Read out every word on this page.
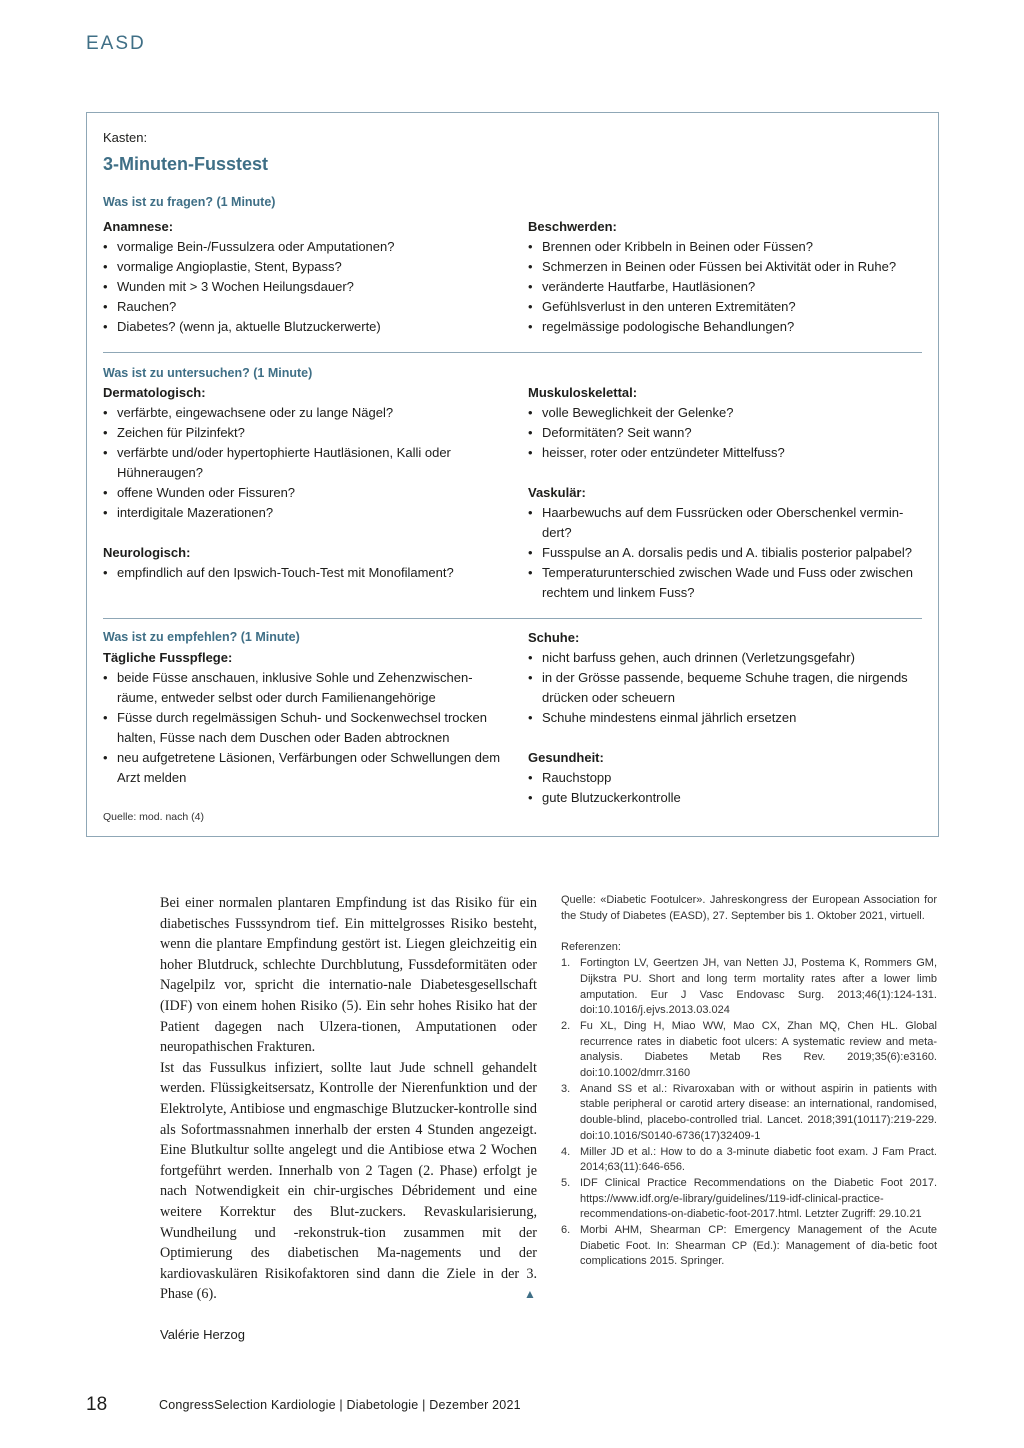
EASD
Kasten:
3-Minuten-Fusstest
Was ist zu fragen? (1 Minute)
Anamnese:
• vormalige Bein-/Fussulzera oder Amputationen?
• vormalige Angioplastie, Stent, Bypass?
• Wunden mit > 3 Wochen Heilungsdauer?
• Rauchen?
• Diabetes? (wenn ja, aktuelle Blutzuckerwerte)
Beschwerden:
• Brennen oder Kribbeln in Beinen oder Füssen?
• Schmerzen in Beinen oder Füssen bei Aktivität oder in Ruhe?
• veränderte Hautfarbe, Hautläsionen?
• Gefühlsverlust in den unteren Extremitäten?
• regelmässige podologische Behandlungen?
Was ist zu untersuchen? (1 Minute)
Dermatologisch:
• verfärbte, eingewachsene oder zu lange Nägel?
• Zeichen für Pilzinfekt?
• verfärbte und/oder hypertophierte Hautläsionen, Kalli oder Hühneraugen?
• offene Wunden oder Fissuren?
• interdigitale Mazerationen?
Neurologisch:
• empfindlich auf den Ipswich-Touch-Test mit Monofilament?
Muskuloskelettal:
• volle Beweglichkeit der Gelenke?
• Deformitäten? Seit wann?
• heisser, roter oder entzündeter Mittelfuss?
Vaskulär:
• Haarbewuchs auf dem Fussrücken oder Oberschenkel vermin-dert?
• Fusspulse an A. dorsalis pedis und A. tibialis posterior palpabel?
• Temperaturunterschied zwischen Wade und Fuss oder zwischen rechtem und linkem Fuss?
Was ist zu empfehlen? (1 Minute)
Tägliche Fusspflege:
• beide Füsse anschauen, inklusive Sohle und Zehenzwischen-räume, entweder selbst oder durch Familienangehörige
• Füsse durch regelmässigen Schuh- und Sockenwechsel trocken halten, Füsse nach dem Duschen oder Baden abtrocknen
• neu aufgetretene Läsionen, Verfärbungen oder Schwellungen dem Arzt melden
Schuhe:
• nicht barfuss gehen, auch drinnen (Verletzungsgefahr)
• in der Grösse passende, bequeme Schuhe tragen, die nirgends drücken oder scheuern
• Schuhe mindestens einmal jährlich ersetzen
Gesundheit:
• Rauchstopp
• gute Blutzuckerkontrolle
Quelle: mod. nach (4)

Bei einer normalen plantaren Empfindung ist das Risiko für ein diabetisches Fusssyndrom tief. Ein mittelgrosses Risiko besteht, wenn die plantare Empfindung gestört ist. Liegen gleichzeitig ein hoher Blutdruck, schlechte Durchblutung, Fussdeformitäten oder Nagelpilz vor, spricht die internatio-nale Diabetesgesellschaft (IDF) von einem hohen Risiko (5). Ein sehr hohes Risiko hat der Patient dagegen nach Ulzera-tionen, Amputationen oder neuropathischen Frakturen.

Ist das Fussulkus infiziert, sollte laut Jude schnell gehandelt werden. Flüssigkeitsersatz, Kontrolle der Nierenfunktion und der Elektrolyte, Antibiose und engmaschige Blutzucker-kontrolle sind als Sofortmassnahmen innerhalb der ersten 4 Stunden angezeigt. Eine Blutkultur sollte angelegt und die Antibiose etwa 2 Wochen fortgeführt werden. Innerhalb von 2 Tagen (2. Phase) erfolgt je nach Notwendigkeit ein chir-urgisches Débridement und eine weitere Korrektur des Blut-zuckers. Revaskularisierung, Wundheilung und -rekonstruk-tion zusammen mit der Optimierung des diabetischen Ma-nagements und der kardiovaskulären Risikofaktoren sind dann die Ziele in der 3. Phase (6).	▲
Valérie Herzog
Quelle: «Diabetic Footulcer». Jahreskongress der European Association for the Study of Diabetes (EASD), 27. September bis 1. Oktober 2021, virtuell.
Referenzen:
1. Fortington LV, Geertzen JH, van Netten JJ, Postema K, Rommers GM, Dijkstra PU. Short and long term mortality rates after a lower limb amputation. Eur J Vasc Endovasc Surg. 2013;46(1):124-131. doi:10.1016/j.ejvs.2013.03.024
2. Fu XL, Ding H, Miao WW, Mao CX, Zhan MQ, Chen HL. Global recurrence rates in diabetic foot ulcers: A systematic review and meta-analysis. Diabetes Metab Res Rev. 2019;35(6):e3160. doi:10.1002/dmrr.3160
3. Anand SS et al.: Rivaroxaban with or without aspirin in patients with stable peripheral or carotid artery disease: an international, randomised, double-blind, placebo-controlled trial. Lancet. 2018;391(10117):219-229. doi:10.1016/S0140-6736(17)32409-1
4. Miller JD et al.: How to do a 3-minute diabetic foot exam. J Fam Pract. 2014;63(11):646-656.
5. IDF Clinical Practice Recommendations on the Diabetic Foot 2017. https://www.idf.org/e-library/guidelines/119-idf-clinical-practice-recommendations-on-diabetic-foot-2017.html. Letzter Zugriff: 29.10.21
6. Morbi AHM, Shearman CP: Emergency Management of the Acute Diabetic Foot. In: Shearman CP (Ed.): Management of dia-betic foot complications 2015. Springer.
18	CongressSelection Kardiologie | Diabetologie | Dezember 2021
